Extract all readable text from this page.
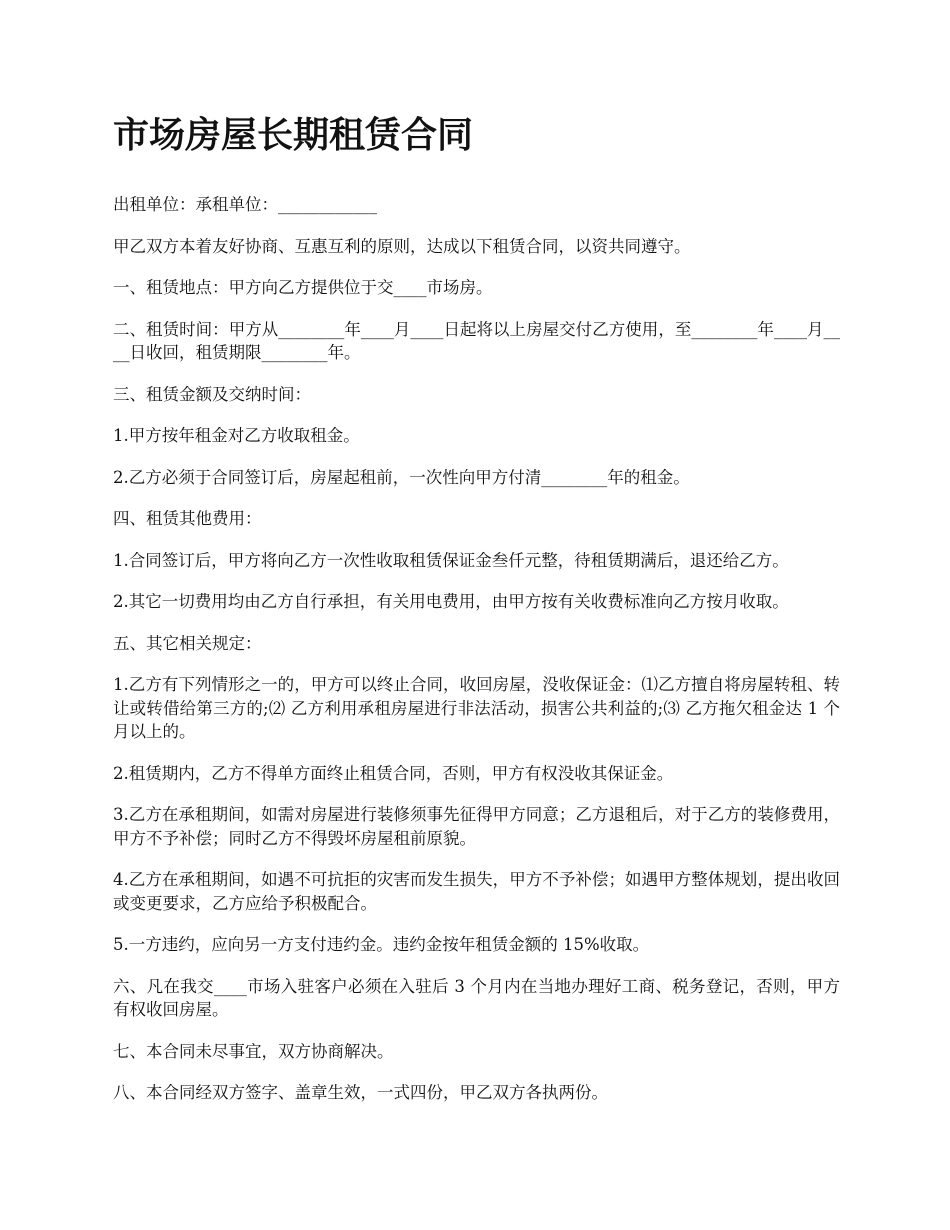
市场房屋长期租赁合同

出租单位：承租单位：____________

甲乙双方本着友好协商、互惠互利的原则，达成以下租赁合同，以资共同遵守。

一、租赁地点：甲方向乙方提供位于交____市场房。

二、租赁时间：甲方从________年____月____日起将以上房屋交付乙方使用，至________年____月____日收回，租赁期限________年。

三、租赁金额及交纳时间：

1.甲方按年租金对乙方收取租金。

2.乙方必须于合同签订后，房屋起租前，一次性向甲方付清________年的租金。

四、租赁其他费用：

1.合同签订后，甲方将向乙方一次性收取租赁保证金叁仟元整，待租赁期满后，退还给乙方。

2.其它一切费用均由乙方自行承担，有关用电费用，由甲方按有关收费标准向乙方按月收取。

五、其它相关规定：

1.乙方有下列情形之一的，甲方可以终止合同，收回房屋，没收保证金：⑴乙方擅自将房屋转租、转让或转借给第三方的;⑵ 乙方利用承租房屋进行非法活动，损害公共利益的;⑶ 乙方拖欠租金达 1 个月以上的。

2.租赁期内，乙方不得单方面终止租赁合同，否则，甲方有权没收其保证金。

3.乙方在承租期间，如需对房屋进行装修须事先征得甲方同意；乙方退租后，对于乙方的装修费用，甲方不予补偿；同时乙方不得毁坏房屋租前原貌。

4.乙方在承租期间，如遇不可抗拒的灾害而发生损失，甲方不予补偿；如遇甲方整体规划，提出收回或变更要求，乙方应给予积极配合。

5.一方违约，应向另一方支付违约金。违约金按年租赁金额的 15%收取。

六、凡在我交____市场入驻客户必须在入驻后 3 个月内在当地办理好工商、税务登记，否则，甲方有权收回房屋。

七、本合同未尽事宜，双方协商解决。

八、本合同经双方签字、盖章生效，一式四份，甲乙双方各执两份。
